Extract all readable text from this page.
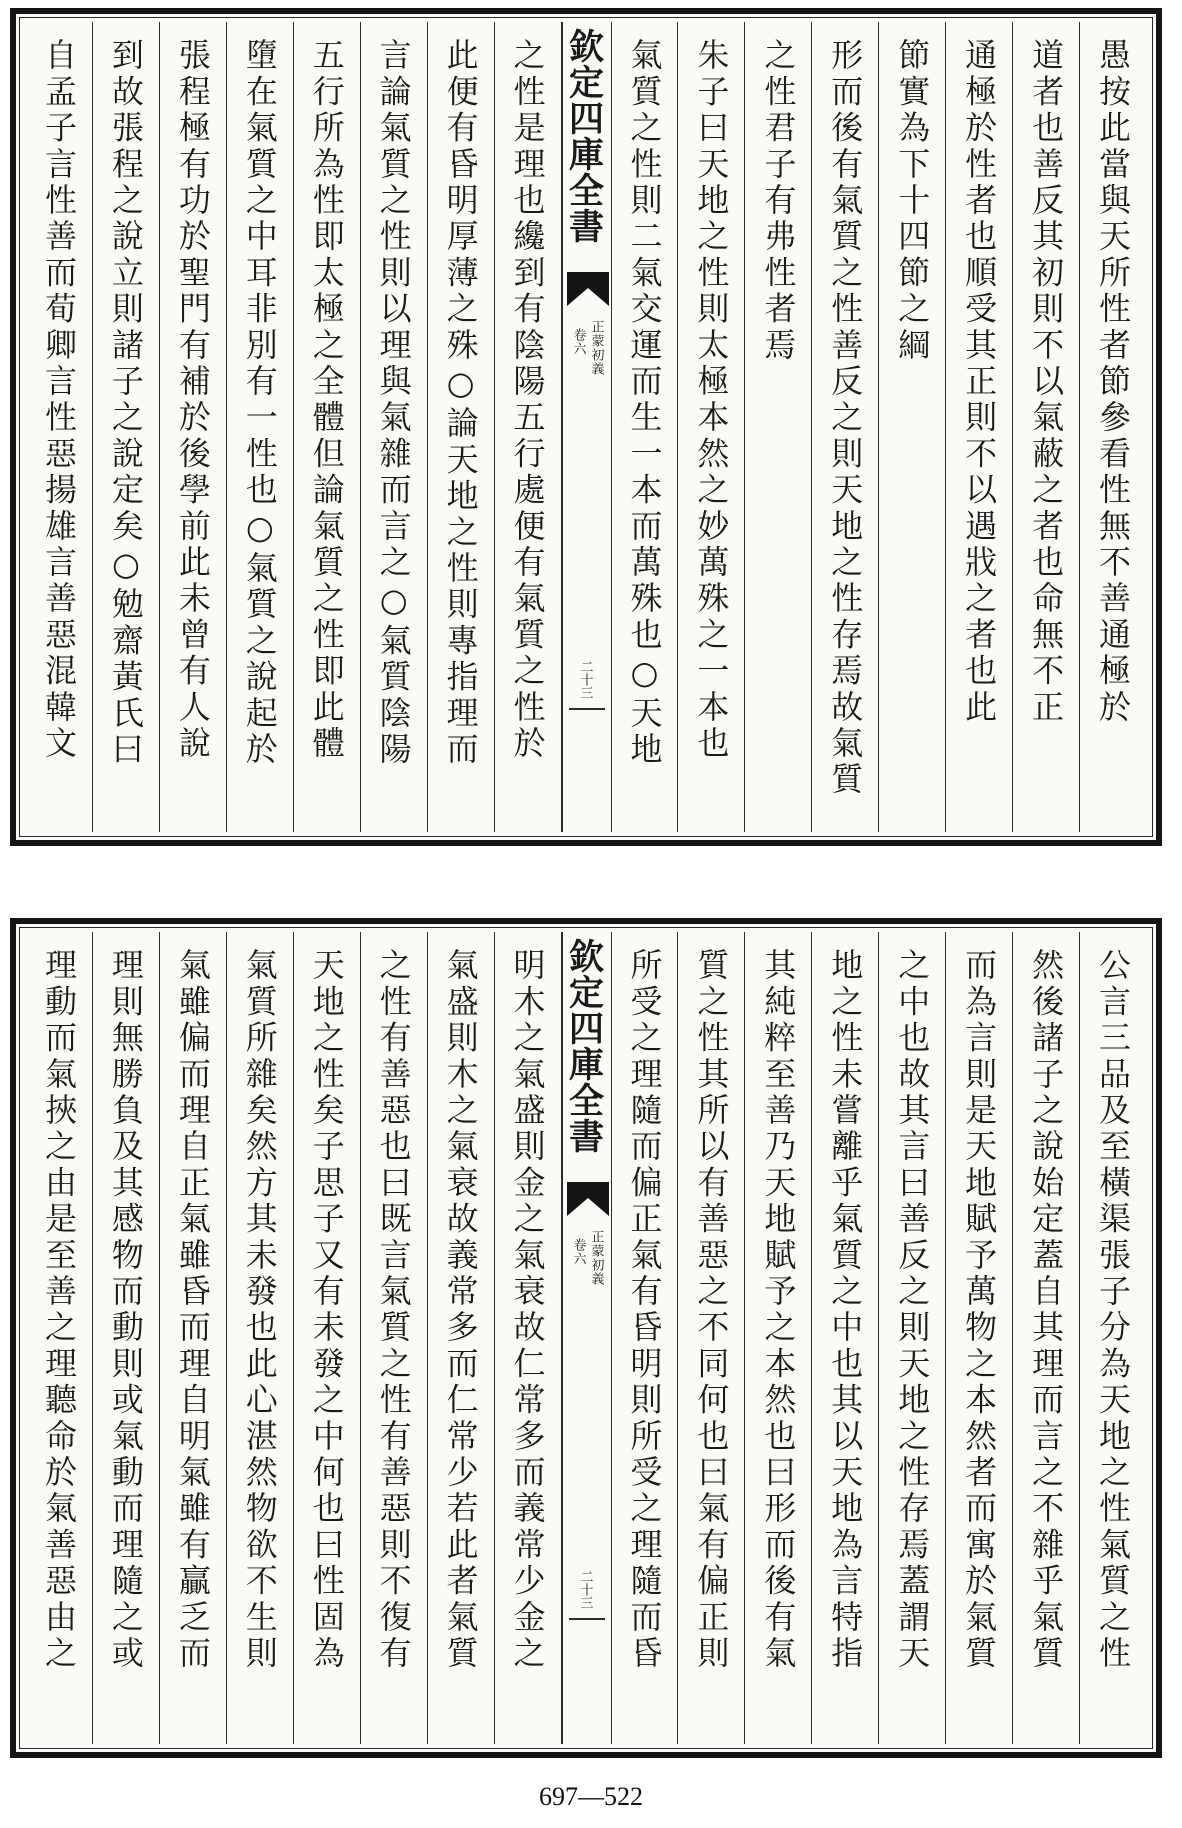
愚按此當與天所性者節參看性無不善通極於
道者也善反其初則不以氣蔽之者也命無不正
通極於性者也順受其正則不以遇戕之者也此
節實為下十四節之綱
形而後有氣質之性善反之則天地之性存焉故氣質
之性君子有弗性者焉
朱子曰天地之性則太極本然之妙萬殊之一本也
氣質之性則二氣交運而生一本而萬殊也○天地
欽定四庫全書
正蒙初義
卷六
二十三
之性是理也纔到有陰陽五行處便有氣質之性於
此便有昏明厚薄之殊○論天地之性則專指理而
言論氣質之性則以理與氣雜而言之○氣質陰陽
五行所為性即太極之全體但論氣質之性即此體
墮在氣質之中耳非別有一性也○氣質之說起於
張程極有功於聖門有補於後學前此未曾有人說
到故張程之說立則諸子之說定矣○勉齋黃氏曰
自孟子言性善而荀卿言性惡揚雄言善惡混韓文
公言三品及至橫渠張子分為天地之性氣質之性
然後諸子之說始定蓋自其理而言之不雜乎氣質
而為言則是天地賦予萬物之本然者而寓於氣質
之中也故其言曰善反之則天地之性存焉蓋謂天
地之性未嘗離乎氣質之中也其以天地為言特指
其純粹至善乃天地賦予之本然也曰形而後有氣
質之性其所以有善惡之不同何也曰氣有偏正則
所受之理隨而偏正氣有昏明則所受之理隨而昏
欽定四庫全書
正蒙初義
卷六
二十三
明木之氣盛則金之氣衰故仁常多而義常少金之
氣盛則木之氣衰故義常多而仁常少若此者氣質
之性有善惡也曰既言氣質之性有善惡則不復有
天地之性矣子思子又有未發之中何也曰性固為
氣質所雜矣然方其未發也此心湛然物欲不生則
氣雖偏而理自正氣雖昏而理自明氣雖有贏乏而
理則無勝負及其感物而動則或氣動而理隨之或
理動而氣挾之由是至善之理聽命於氣善惡由之
697—522
